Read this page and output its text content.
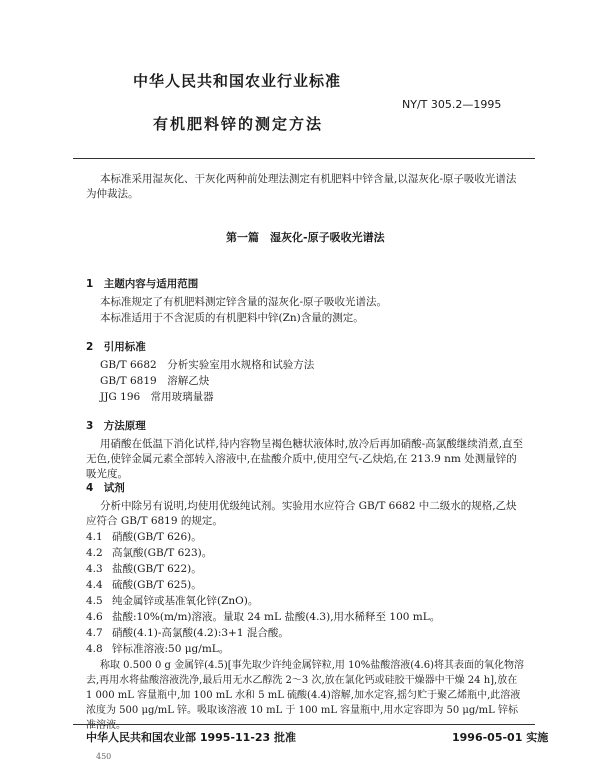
中华人民共和国农业行业标准
NY/T 305.2—1995
有机肥料锌的测定方法
本标准采用湿灰化、干灰化两种前处理法测定有机肥料中锌含量,以湿灰化-原子吸收光谱法为仲裁法。
第一篇　湿灰化-原子吸收光谱法
1　主题内容与适用范围
本标准规定了有机肥料测定锌含量的湿灰化-原子吸收光谱法。
本标准适用于不含泥质的有机肥料中锌(Zn)含量的测定。
2　引用标准
GB/T 6682　分析实验室用水规格和试验方法
GB/T 6819　溶解乙炔
JJG 196　常用玻璃量器
3　方法原理
用硝酸在低温下消化试样,待内容物呈褐色糖状液体时,放冷后再加硝酸-高氯酸继续消煮,直至无色,使锌金属元素全部转入溶液中,在盐酸介质中,使用空气-乙炔焰,在 213.9 nm 处测量锌的吸光度。
4　试剂
分析中除另有说明,均使用优级纯试剂。实验用水应符合 GB/T 6682 中二级水的规格,乙炔应符合 GB/T 6819 的规定。
4.1 硝酸(GB/T 626)。
4.2 高氯酸(GB/T 623)。
4.3 盐酸(GB/T 622)。
4.4 硫酸(GB/T 625)。
4.5 纯金属锌或基准氧化锌(ZnO)。
4.6 盐酸:10%(m/m)溶液。量取 24 mL 盐酸(4.3),用水稀释至 100 mL。
4.7 硝酸(4.1)-高氯酸(4.2):3+1 混合酸。
4.8 锌标准溶液:50 μg/mL。
称取 0.500 0 g 金属锌(4.5)[事先取少许纯金属锌粒,用 10%盐酸溶液(4.6)将其表面的氧化物溶去,再用水将盐酸溶液洗净,最后用无水乙醇洗 2～3 次,放在氯化钙或硅胶干燥器中干燥 24 h],放在 1 000 mL 容量瓶中,加 100 mL 水和 5 mL 硫酸(4.4)溶解,加水定容,摇匀贮于聚乙烯瓶中,此溶液浓度为 500 μg/mL 锌。吸取该溶液 10 mL 于 100 mL 容量瓶中,用水定容即为 50 μg/mL 锌标准溶液。
中华人民共和国农业部 1995-11-23 批准	1996-05-01 实施
450
